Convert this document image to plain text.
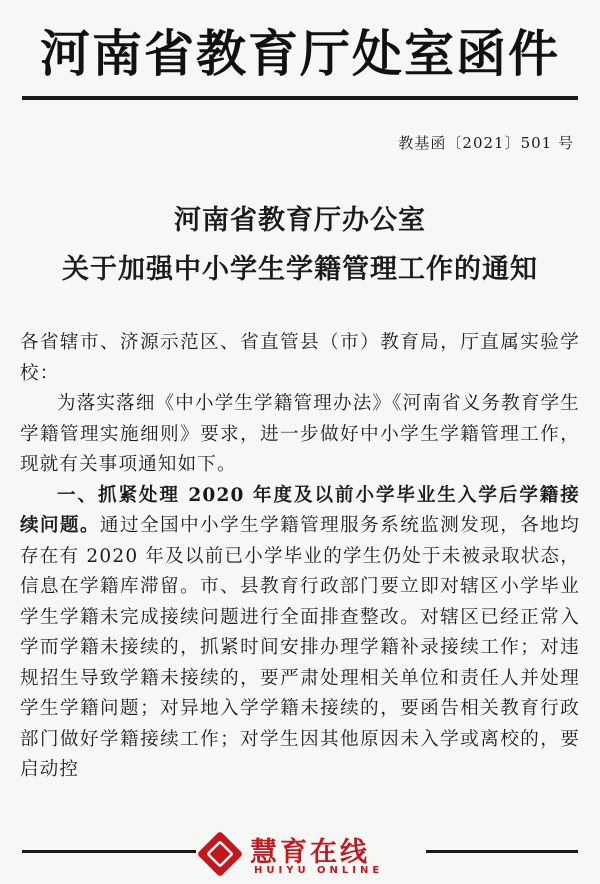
河南省教育厅处室函件
教基函〔2021〕501 号
河南省教育厅办公室
关于加强中小学生学籍管理工作的通知

各省辖市、济源示范区、省直管县（市）教育局，厅直属实验学校：

为落实落细《中小学生学籍管理办法》《河南省义务教育学生学籍管理实施细则》要求，进一步做好中小学生学籍管理工作，现就有关事项通知如下。

一、抓紧处理 2020 年度及以前小学毕业生入学后学籍接续问题。通过全国中小学生学籍管理服务系统监测发现，各地均存在有 2020 年及以前已小学毕业的学生仍处于未被录取状态，信息在学籍库滞留。市、县教育行政部门要立即对辖区小学毕业学生学籍未完成接续问题进行全面排查整改。对辖区已经正常入学而学籍未接续的，抓紧时间安排办理学籍补录接续工作；对违规招生导致学籍未接续的，要严肃处理相关单位和责任人并处理学生学籍问题；对异地入学学籍未接续的，要函告相关教育行政部门做好学籍接续工作；对学生因其他原因未入学或离校的，要启动控

慧育在线
HUIYU ONLINE
